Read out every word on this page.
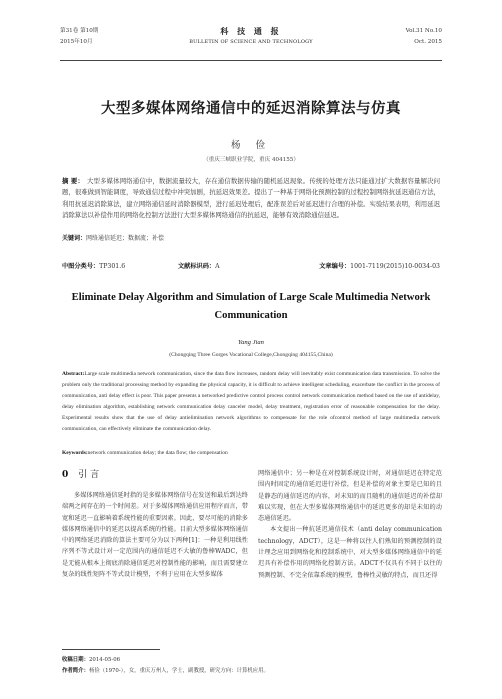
第31卷 第10期
2015年10月
科 技 通 报
BULLETIN OF SCIENCE AND TECHNOLOGY
Vol.31 No.10
Oct. 2015
大型多媒体网络通信中的延迟消除算法与仿真
杨 俭
（重庆三峡职业学院，重庆 404155）
摘 要： 大型多媒体网络通信中，数据流量较大，存在通信数据传输的随机延迟现象。传统的处理方法只能通过扩大数据容量解决问题，很难做到智能调度，导致通信过程中冲突加剧，抗延迟效果差。提出了一种基于网络化预测控制的过程控制网络抗延迟通信方法，利用抗延迟消除算法，建立网络通信延时消除器模型，进行延迟处理后，配准误差后对延迟进行合理的补偿。实验结果表明，利用延迟消除算法以补偿作用的网络化控制方法进行大型多媒体网络通信的抗延迟，能够有效消除通信延迟。
关键词：网络通信延迟；数据流；补偿
中图分类号：TP301.6	文献标识码：A	文章编号：1001-7119(2015)10-0034-03
Eliminate Delay Algorithm and Simulation of Large Scale Multimedia Network Communication
Yang Jian
(Chongqing Three Gorges Vocational College,Chongqing 404155,China)
Abstract:Large scale multimedia network communication, since the data flow increases, random delay will inevitably exist communication data transmission. To solve the problem only the traditional processing method by expanding the physical capacity, it is difficult to achieve intelligent scheduling, exacerbate the conflict in the process of communication, anti delay effect is poor. This paper presents a networked predictive control process control network communication method based on the use of antidelay, delay elimination algorithm, establishing network communication delay canceler model, delay treatment, registration error of reasonable compensation for the delay. Experimental results show that the use of delay antielimination network algorithms to compensate for the role ofcontrol method of large multimedia network communication, can effectively eliminate the communication delay.
Keywords:network communication delay; the data flow; the compensation
0 引 言
多媒体网络通信延时指的是多媒体网络信号在发送和最后到达终端两之间存在的一个时间差。对于多媒体网络通信应用程序而言，带宽和延迟一直影响着系统性能的重要因素。因此，要尽可能的消除多媒体网络通信中的延迟以提高系统的性能。目前大型多媒体网络通信中的网络延迟消除的算法主要可分为以下两种[1]：一种是利用线性序列不等式设计对一定范围内的通信延迟不大敏的鲁棒WADC，但是无能从根本上彻底消除通信延迟对控制性能的影响，而且需要建立复杂的线性矩阵不等式设计模型，不利于应用在大型多媒体

网络通信中；另一种是在对控制系统设计时，对通信延迟在特定范围内时固定的通信延迟进行补偿，但是补偿的对象主要是已知的且是静态的通信延迟的内容，对未知的而且随机的通信延迟的补偿却难以实现，但在大型多媒体网络通信中的延迟更多的却是未知的动态通信延迟。

本文提出一种抗延迟通信技术（anti delay communication technology，ADCT），这是一种将以往人们熟知的预测控制的设计理念应用到网络化和控制系统中，对大型多媒体网络通信中的延迟具有补偿作用的网络化控制方法。ADCT不仅具有不同于以往的预测控制、不完全依靠系统的模型，鲁棒性灵敏的特点，而且还得

收稿日期：2014-05-06
作者简介：杨俭（1970-），女，重庆万州人，学士，副教授，研究方向：计算机应用。
